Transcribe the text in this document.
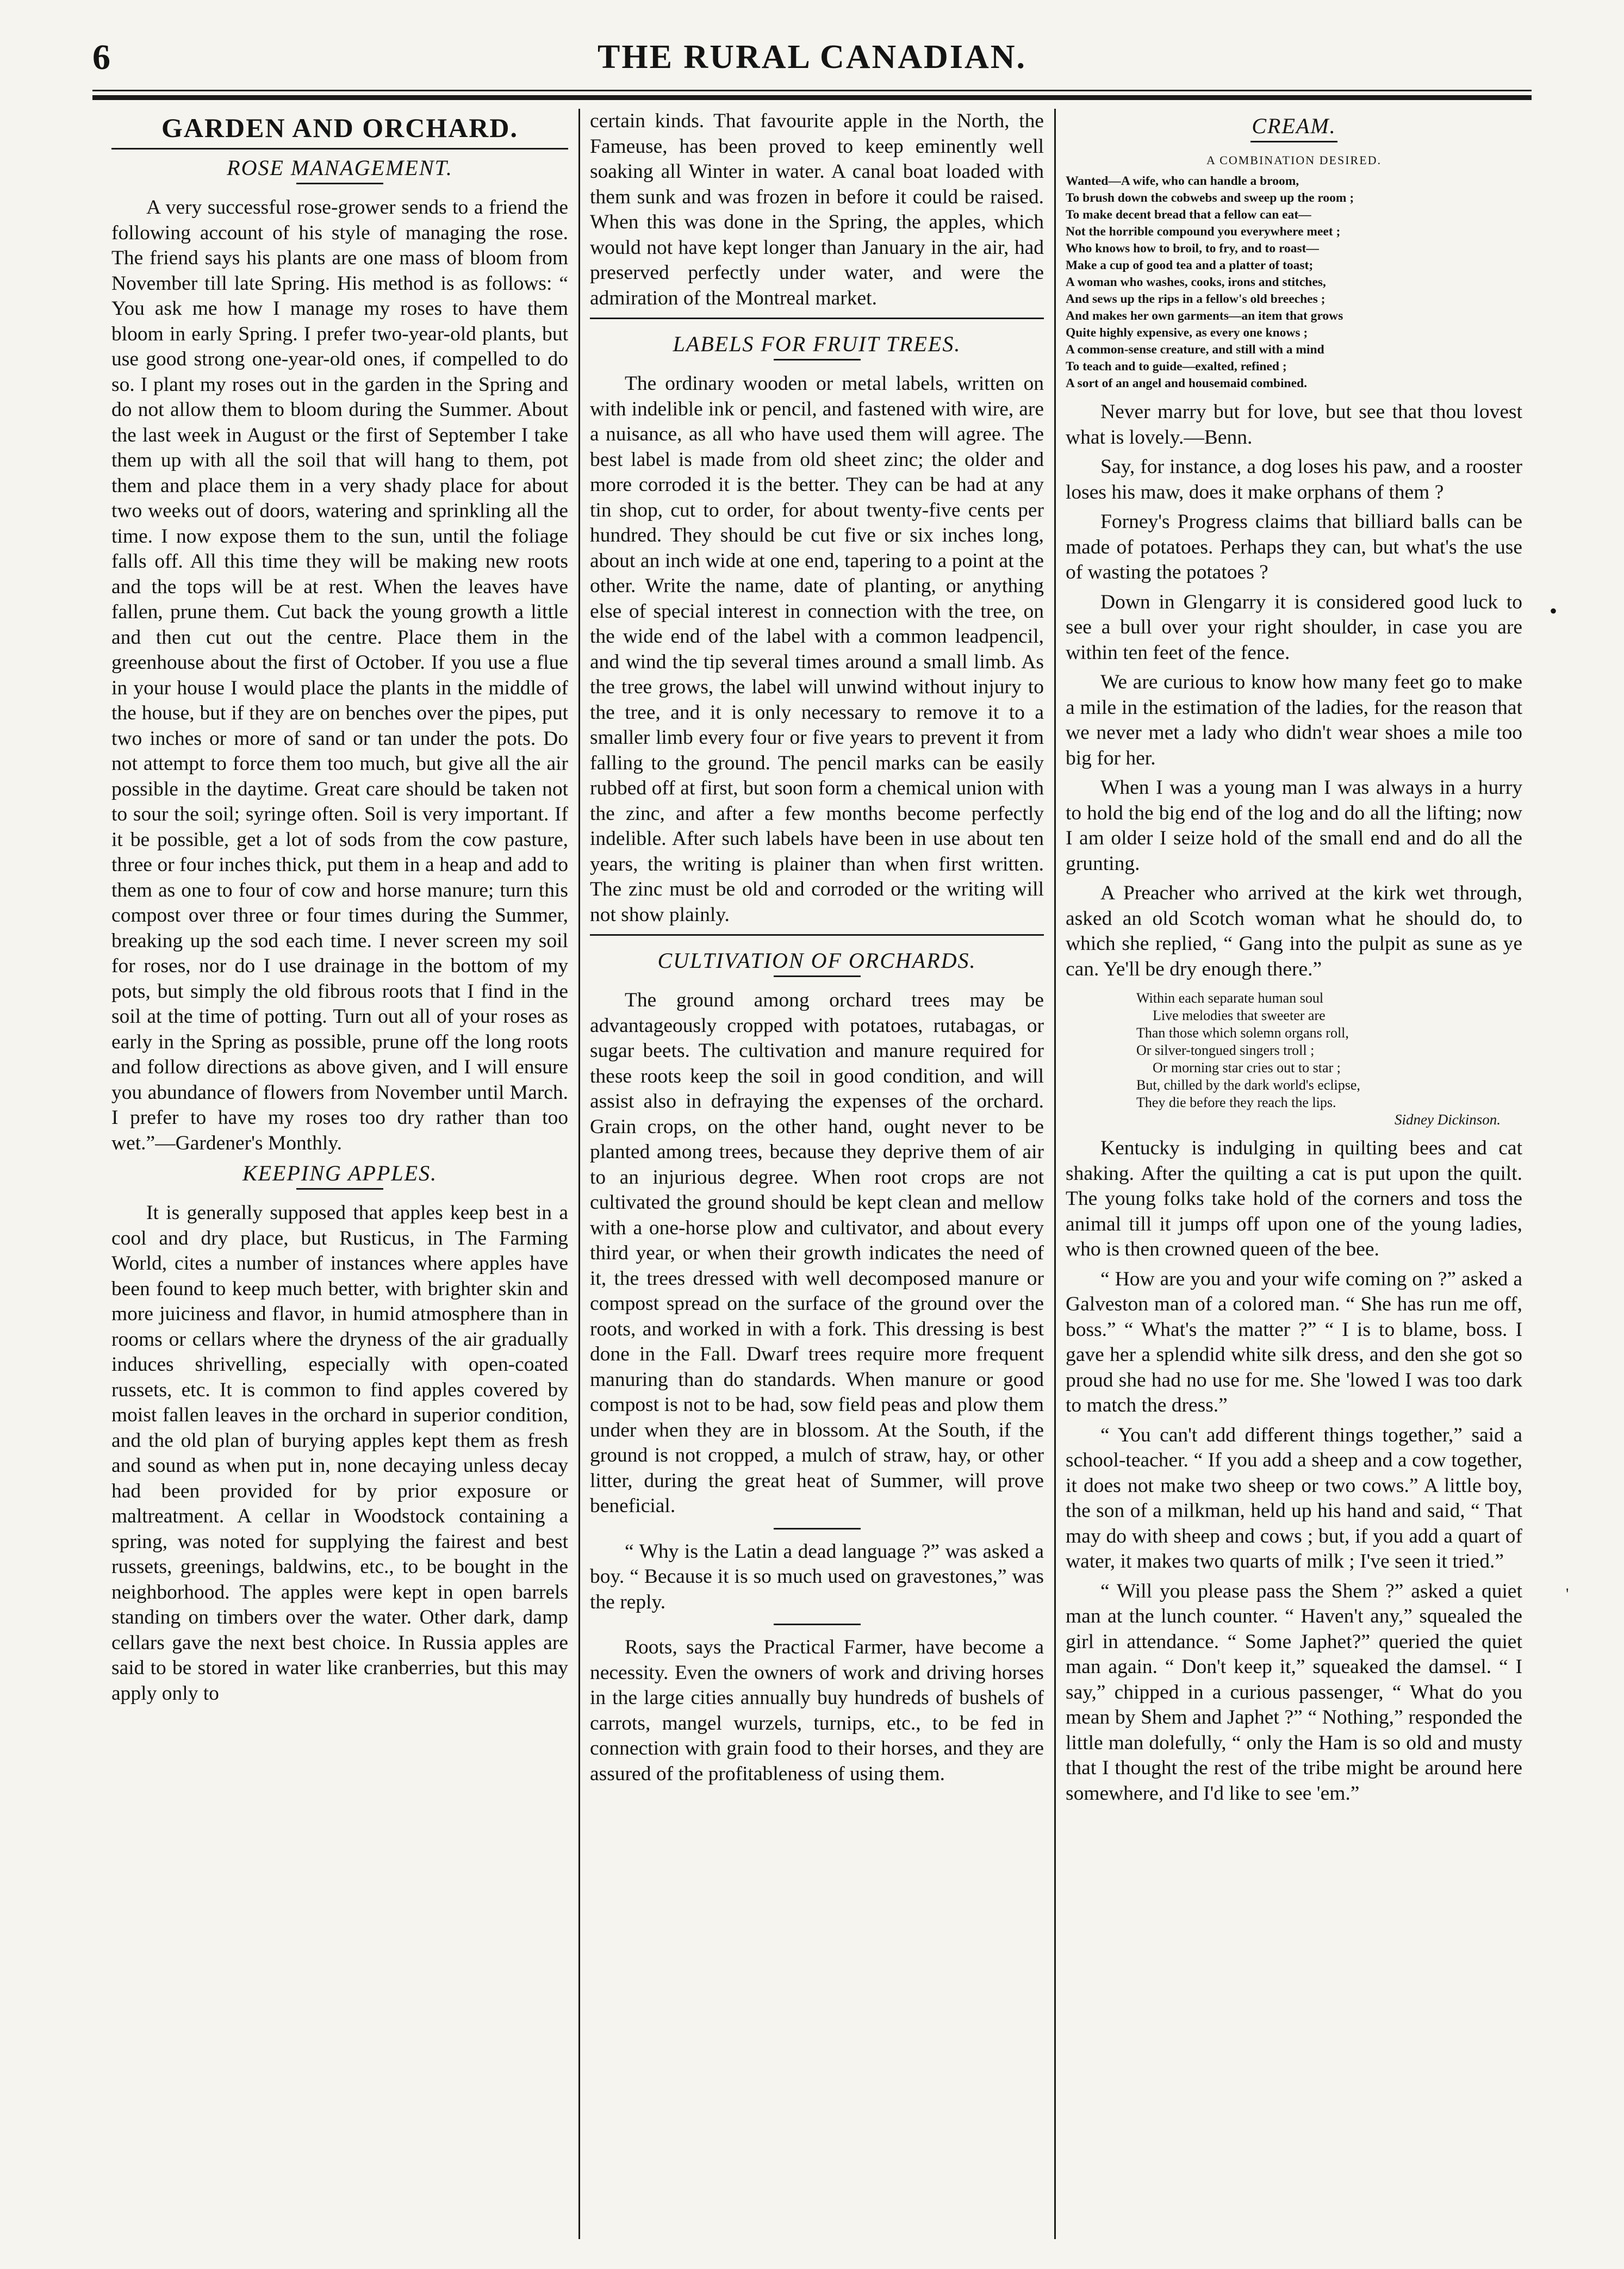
6	THE RURAL CANADIAN.
GARDEN AND ORCHARD.
ROSE MANAGEMENT.

A very successful rose-grower sends to a friend the following account of his style of managing the rose. The friend says his plants are one mass of bloom from November till late Spring. His method is as follows: “ You ask me how I manage my roses to have them bloom in early Spring. I prefer two-year-old plants, but use good strong one-year-old ones, if compelled to do so. I plant my roses out in the garden in the Spring and do not allow them to bloom during the Summer. About the last week in August or the first of September I take them up with all the soil that will hang to them, pot them and place them in a very shady place for about two weeks out of doors, watering and sprinkling all the time. I now expose them to the sun, until the foliage falls off. All this time they will be making new roots and the tops will be at rest. When the leaves have fallen, prune them. Cut back the young growth a little and then cut out the centre. Place them in the greenhouse about the first of October. If you use a flue in your house I would place the plants in the middle of the house, but if they are on benches over the pipes, put two inches or more of sand or tan under the pots. Do not attempt to force them too much, but give all the air possible in the daytime. Great care should be taken not to sour the soil; syringe often. Soil is very important. If it be possible, get a lot of sods from the cow pasture, three or four inches thick, put them in a heap and add to them as one to four of cow and horse manure; turn this compost over three or four times during the Summer, breaking up the sod each time. I never screen my soil for roses, nor do I use drainage in the bottom of my pots, but simply the old fibrous roots that I find in the soil at the time of potting. Turn out all of your roses as early in the Spring as possible, prune off the long roots and follow directions as above given, and I will ensure you abundance of flowers from November until March. I prefer to have my roses too dry rather than too wet.”—Gardener's Monthly.

KEEPING APPLES.

It is generally supposed that apples keep best in a cool and dry place, but Rusticus, in The Farming World, cites a number of instances where apples have been found to keep much better, with brighter skin and more juiciness and flavor, in humid atmosphere than in rooms or cellars where the dryness of the air gradually induces shrivelling, especially with open-coated russets, etc. It is common to find apples covered by moist fallen leaves in the orchard in superior condition, and the old plan of burying apples kept them as fresh and sound as when put in, none decaying unless decay had been provided for by prior exposure or maltreatment. A cellar in Woodstock containing a spring, was noted for supplying the fairest and best russets, greenings, baldwins, etc., to be bought in the neighborhood. The apples were kept in open barrels standing on timbers over the water. Other dark, damp cellars gave the next best choice. In Russia apples are said to be stored in water like cranberries, but this may apply only to

certain kinds. That favourite apple in the North, the Fameuse, has been proved to keep eminently well soaking all Winter in water. A canal boat loaded with them sunk and was frozen in before it could be raised. When this was done in the Spring, the apples, which would not have kept longer than January in the air, had preserved perfectly under water, and were the admiration of the Montreal market.

LABELS FOR FRUIT TREES.

The ordinary wooden or metal labels, written on with indelible ink or pencil, and fastened with wire, are a nuisance, as all who have used them will agree. The best label is made from old sheet zinc; the older and more corroded it is the better. They can be had at any tin shop, cut to order, for about twenty-five cents per hundred. They should be cut five or six inches long, about an inch wide at one end, tapering to a point at the other. Write the name, date of planting, or anything else of special interest in connection with the tree, on the wide end of the label with a common leadpencil, and wind the tip several times around a small limb. As the tree grows, the label will unwind without injury to the tree, and it is only necessary to remove it to a smaller limb every four or five years to prevent it from falling to the ground. The pencil marks can be easily rubbed off at first, but soon form a chemical union with the zinc, and after a few months become perfectly indelible. After such labels have been in use about ten years, the writing is plainer than when first written. The zinc must be old and corroded or the writing will not show plainly.

CULTIVATION OF ORCHARDS.

The ground among orchard trees may be advantageously cropped with potatoes, rutabagas, or sugar beets. The cultivation and manure required for these roots keep the soil in good condition, and will assist also in defraying the expenses of the orchard. Grain crops, on the other hand, ought never to be planted among trees, because they deprive them of air to an injurious degree. When root crops are not cultivated the ground should be kept clean and mellow with a one-horse plow and cultivator, and about every third year, or when their growth indicates the need of it, the trees dressed with well decomposed manure or compost spread on the surface of the ground over the roots, and worked in with a fork. This dressing is best done in the Fall. Dwarf trees require more frequent manuring than do standards. When manure or good compost is not to be had, sow field peas and plow them under when they are in blossom. At the South, if the ground is not cropped, a mulch of straw, hay, or other litter, during the great heat of Summer, will prove beneficial.

“ Why is the Latin a dead language ?” was asked a boy. “ Because it is so much used on gravestones,” was the reply.

Roots, says the Practical Farmer, have become a necessity. Even the owners of work and driving horses in the large cities annually buy hundreds of bushels of carrots, mangel wurzels, turnips, etc., to be fed in connection with grain food to their horses, and they are assured of the profitableness of using them.

CREAM.
A COMBINATION DESIRED.
Wanted—A wife, who can handle a broom,
To brush down the cobwebs and sweep up the room ;
To make decent bread that a fellow can eat—
Not the horrible compound you everywhere meet ;
Who knows how to broil, to fry, and to roast—
Make a cup of good tea and a platter of toast;
A woman who washes, cooks, irons and stitches,
And sews up the rips in a fellow's old breeches ;
And makes her own garments—an item that grows
Quite highly expensive, as every one knows ;
A common-sense creature, and still with a mind
To teach and to guide—exalted, refined ;
A sort of an angel and housemaid combined.

Never marry but for love, but see that thou lovest what is lovely.—Benn.

Say, for instance, a dog loses his paw, and a rooster loses his maw, does it make orphans of them ?

Forney's Progress claims that billiard balls can be made of potatoes. Perhaps they can, but what's the use of wasting the potatoes ?

Down in Glengarry it is considered good luck to see a bull over your right shoulder, in case you are within ten feet of the fence.

We are curious to know how many feet go to make a mile in the estimation of the ladies, for the reason that we never met a lady who didn't wear shoes a mile too big for her.

When I was a young man I was always in a hurry to hold the big end of the log and do all the lifting; now I am older I seize hold of the small end and do all the grunting.

A Preacher who arrived at the kirk wet through, asked an old Scotch woman what he should do, to which she replied, “ Gang into the pulpit as sune as ye can. Ye'll be dry enough there.”

Within each separate human soul
Live melodies that sweeter are
Than those which solemn organs roll,
Or silver-tongued singers troll ;
Or morning star cries out to star ;
But, chilled by the dark world's eclipse,
They die before they reach the lips.
Sidney Dickinson.

Kentucky is indulging in quilting bees and cat shaking. After the quilting a cat is put upon the quilt. The young folks take hold of the corners and toss the animal till it jumps off upon one of the young ladies, who is then crowned queen of the bee.

“ How are you and your wife coming on ?” asked a Galveston man of a colored man. “ She has run me off, boss.” “ What's the matter ?” “ I is to blame, boss. I gave her a splendid white silk dress, and den she got so proud she had no use for me. She 'lowed I was too dark to match the dress.”

“ You can't add different things together,” said a school-teacher. “ If you add a sheep and a cow together, it does not make two sheep or two cows.” A little boy, the son of a milkman, held up his hand and said, “ That may do with sheep and cows ; but, if you add a quart of water, it makes two quarts of milk ; I've seen it tried.”

“ Will you please pass the Shem ?” asked a quiet man at the lunch counter. “ Haven't any,” squealed the girl in attendance. “ Some Japhet?” queried the quiet man again. “ Don't keep it,” squeaked the damsel. “ I say,” chipped in a curious passenger, “ What do you mean by Shem and Japhet ?” “ Nothing,” responded the little man dolefully, “ only the Ham is so old and musty that I thought the rest of the tribe might be around here somewhere, and I'd like to see 'em.”

•
'
